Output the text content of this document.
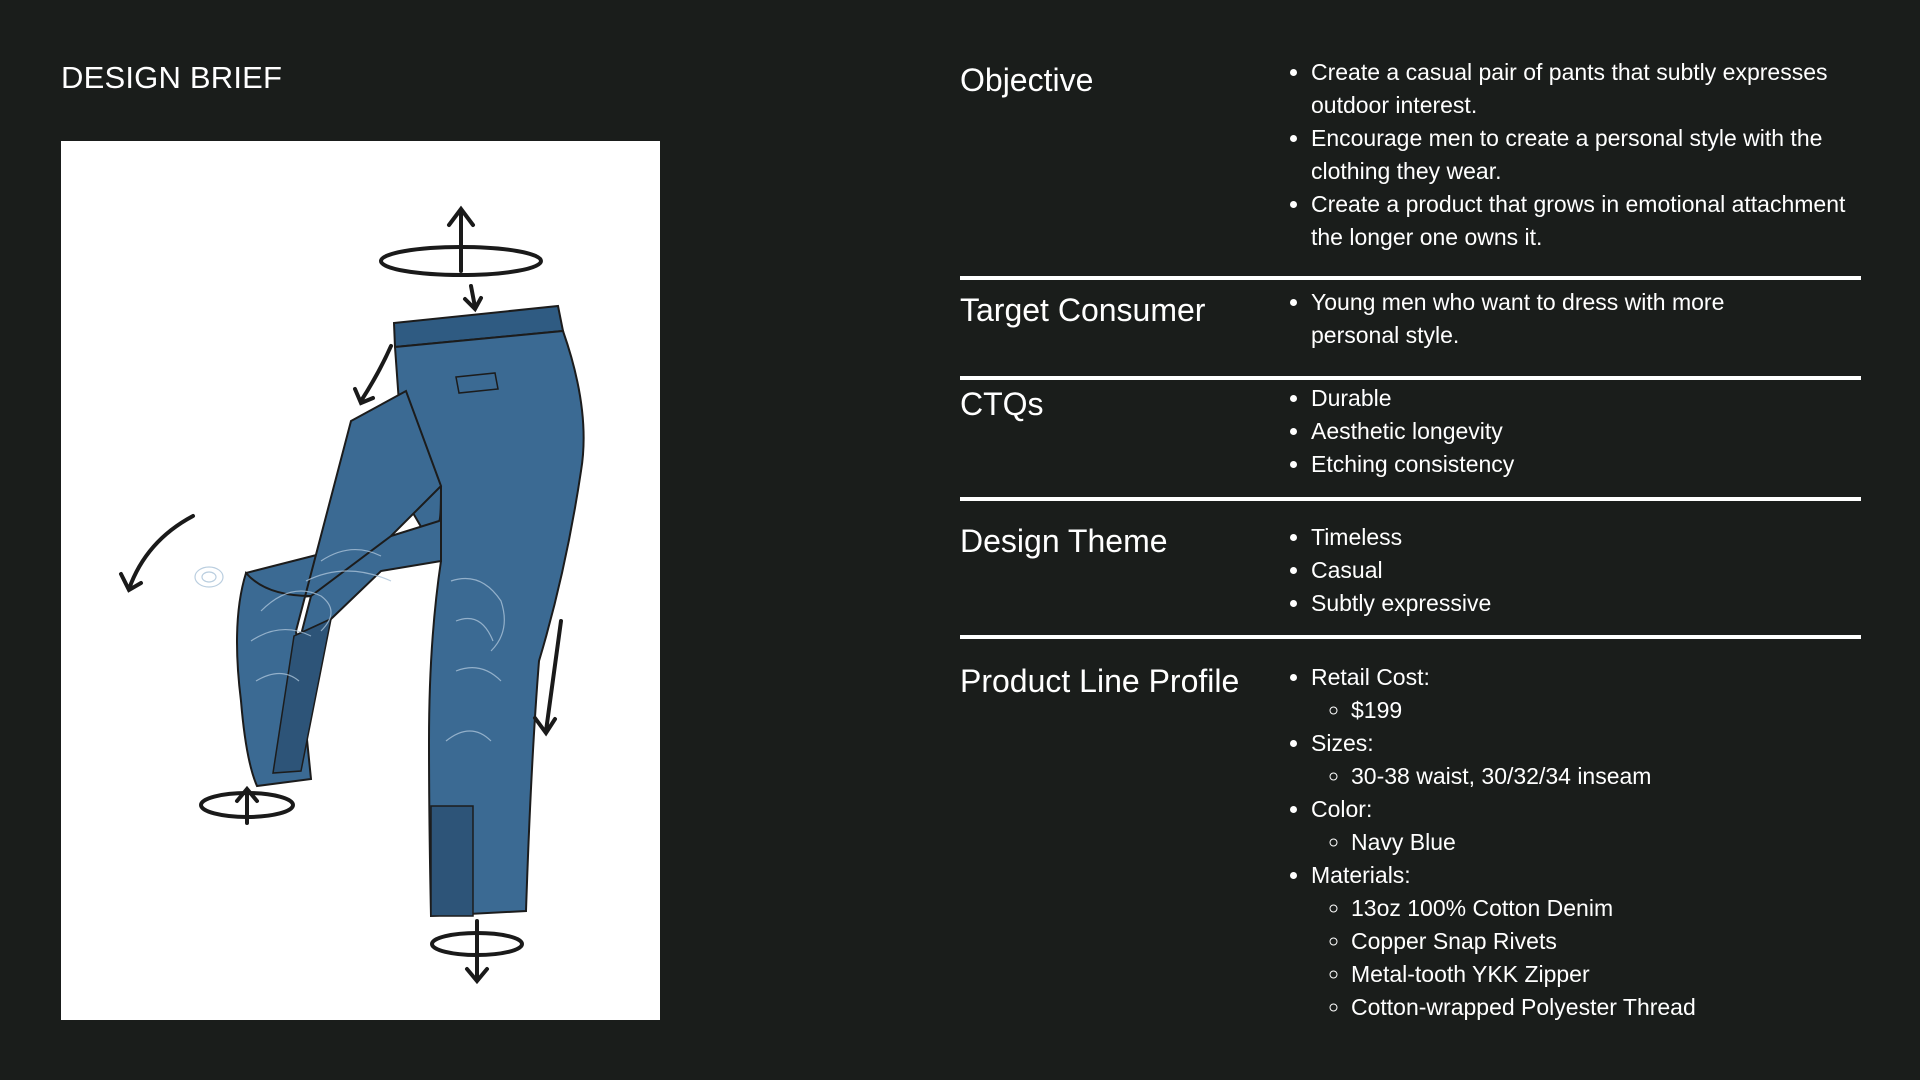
DESIGN BRIEF	Objective	• Create a casual pair of pants that subtly expresses outdoor interest.
• Encourage men to create a personal style with the clothing they wear.
• Create a product that grows in emotional attachment the longer one owns it.
Target Consumer	• Young men who want to dress with more personal style.
CTQs	• Durable
• Aesthetic longevity
• Etching consistency
Design Theme	• Timeless
• Casual
• Subtly expressive
Product Line Profile	• Retail Cost:
◦ $199
• Sizes:
◦ 30-38 waist, 30/32/34 inseam
• Color:
◦ Navy Blue
• Materials:
◦ 13oz 100% Cotton Denim
◦ Copper Snap Rivets
◦ Metal-tooth YKK Zipper
◦ Cotton-wrapped Polyester Thread
